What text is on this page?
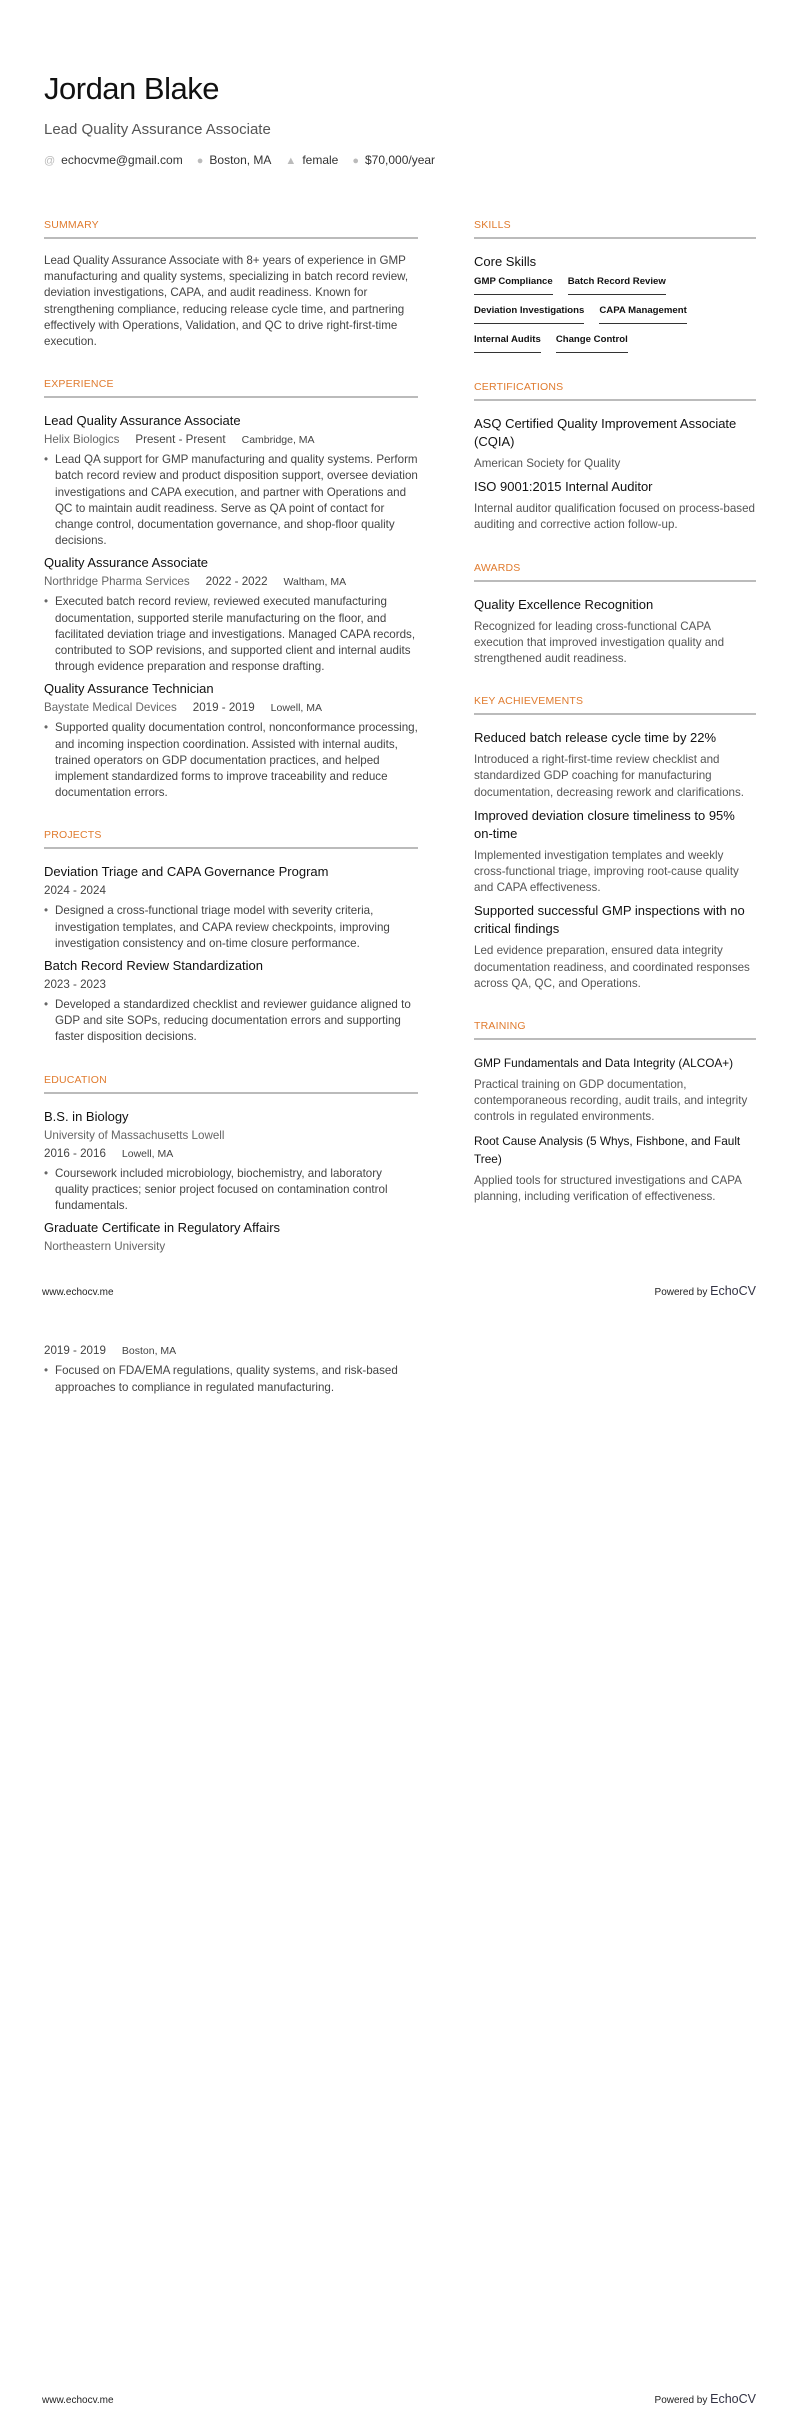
Jordan Blake
Lead Quality Assurance Associate
@ echocvme@gmail.com ● Boston, MA ▲ female ● $70,000/year
SUMMARY
Lead Quality Assurance Associate with 8+ years of experience in GMP manufacturing and quality systems, specializing in batch record review, deviation investigations, CAPA, and audit readiness. Known for strengthening compliance, reducing release cycle time, and partnering effectively with Operations, Validation, and QC to drive right-first-time execution.
EXPERIENCE
Lead Quality Assurance Associate
Helix Biologics Present - Present Cambridge, MA
• Lead QA support for GMP manufacturing and quality systems. Perform batch record review and product disposition support, oversee deviation investigations and CAPA execution, and partner with Operations and QC to maintain audit readiness. Serve as QA point of contact for change control, documentation governance, and shop-floor quality decisions.
Quality Assurance Associate
Northridge Pharma Services 2022 - 2022 Waltham, MA
• Executed batch record review, reviewed executed manufacturing documentation, supported sterile manufacturing on the floor, and facilitated deviation triage and investigations. Managed CAPA records, contributed to SOP revisions, and supported client and internal audits through evidence preparation and response drafting.
Quality Assurance Technician
Baystate Medical Devices 2019 - 2019 Lowell, MA
• Supported quality documentation control, nonconformance processing, and incoming inspection coordination. Assisted with internal audits, trained operators on GDP documentation practices, and helped implement standardized forms to improve traceability and reduce documentation errors.
PROJECTS
Deviation Triage and CAPA Governance Program
2024 - 2024
• Designed a cross-functional triage model with severity criteria, investigation templates, and CAPA review checkpoints, improving investigation consistency and on-time closure performance.
Batch Record Review Standardization
2023 - 2023
• Developed a standardized checklist and reviewer guidance aligned to GDP and site SOPs, reducing documentation errors and supporting faster disposition decisions.
EDUCATION
B.S. in Biology
University of Massachusetts Lowell
2016 - 2016 Lowell, MA
• Coursework included microbiology, biochemistry, and laboratory quality practices; senior project focused on contamination control fundamentals.
Graduate Certificate in Regulatory Affairs
Northeastern University
SKILLS
Core Skills
GMP Compliance Batch Record Review
Deviation Investigations CAPA Management
Internal Audits Change Control
CERTIFICATIONS
ASQ Certified Quality Improvement Associate (CQIA)
American Society for Quality
ISO 9001:2015 Internal Auditor
Internal auditor qualification focused on process-based auditing and corrective action follow-up.
AWARDS
Quality Excellence Recognition
Recognized for leading cross-functional CAPA execution that improved investigation quality and strengthened audit readiness.
KEY ACHIEVEMENTS
Reduced batch release cycle time by 22%
Introduced a right-first-time review checklist and standardized GDP coaching for manufacturing documentation, decreasing rework and clarifications.
Improved deviation closure timeliness to 95% on-time
Implemented investigation templates and weekly cross-functional triage, improving root-cause quality and CAPA effectiveness.
Supported successful GMP inspections with no critical findings
Led evidence preparation, ensured data integrity documentation readiness, and coordinated responses across QA, QC, and Operations.
TRAINING
GMP Fundamentals and Data Integrity (ALCOA+)
Practical training on GDP documentation, contemporaneous recording, audit trails, and integrity controls in regulated environments.
Root Cause Analysis (5 Whys, Fishbone, and Fault Tree)
Applied tools for structured investigations and CAPA planning, including verification of effectiveness.
www.echocv.me	Powered by EchoCV
2019 - 2019 Boston, MA
• Focused on FDA/EMA regulations, quality systems, and risk-based approaches to compliance in regulated manufacturing.
www.echocv.me	Powered by EchoCV
